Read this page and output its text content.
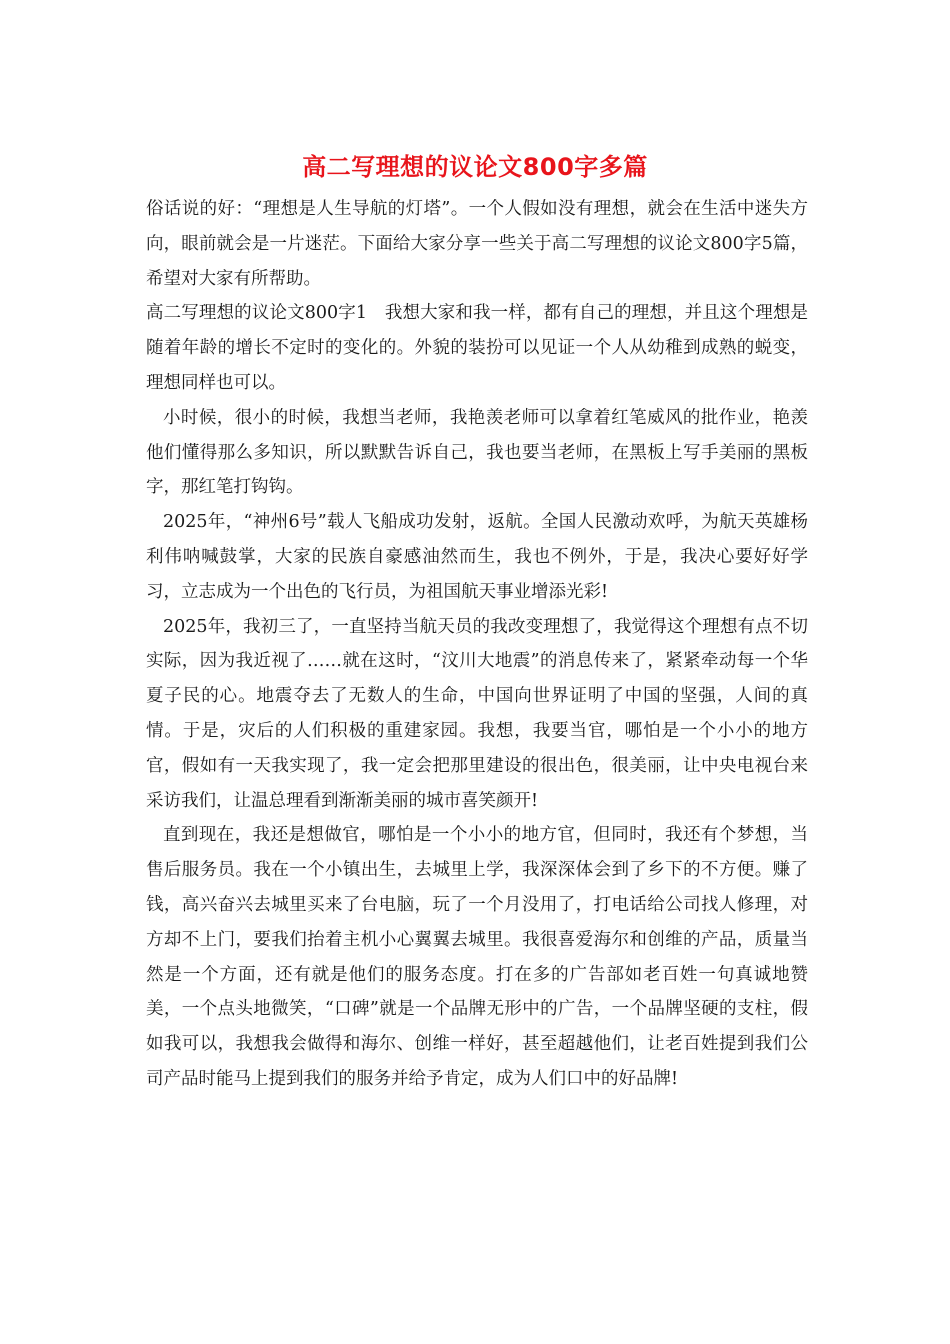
高二写理想的议论文800字多篇

俗话说的好：“理想是人生导航的灯塔”。一个人假如没有理想，就会在生活中迷失方向，眼前就会是一片迷茫。下面给大家分享一些关于高二写理想的议论文800字5篇，希望对大家有所帮助。

高二写理想的议论文800字1　我想大家和我一样，都有自己的理想，并且这个理想是随着年龄的增长不定时的变化的。外貌的装扮可以见证一个人从幼稚到成熟的蜕变，理想同样也可以。

小时候，很小的时候，我想当老师，我艳羡老师可以拿着红笔威风的批作业，艳羡他们懂得那么多知识，所以默默告诉自己，我也要当老师，在黑板上写手美丽的黑板字，那红笔打钩钩。

2025年，“神州6号”载人飞船成功发射，返航。全国人民激动欢呼，为航天英雄杨利伟呐喊鼓掌，大家的民族自豪感油然而生，我也不例外，于是，我决心要好好学习，立志成为一个出色的飞行员，为祖国航天事业增添光彩!

2025年，我初三了，一直坚持当航天员的我改变理想了，我觉得这个理想有点不切实际，因为我近视了……就在这时，“汶川大地震”的消息传来了，紧紧牵动每一个华夏子民的心。地震夺去了无数人的生命，中国向世界证明了中国的坚强，人间的真情。于是，灾后的人们积极的重建家园。我想，我要当官，哪怕是一个小小的地方官，假如有一天我实现了，我一定会把那里建设的很出色，很美丽，让中央电视台来采访我们，让温总理看到渐渐美丽的城市喜笑颜开!

直到现在，我还是想做官，哪怕是一个小小的地方官，但同时，我还有个梦想，当售后服务员。我在一个小镇出生，去城里上学，我深深体会到了乡下的不方便。赚了钱，高兴奋兴去城里买来了台电脑，玩了一个月没用了，打电话给公司找人修理，对方却不上门，要我们抬着主机小心翼翼去城里。我很喜爱海尔和创维的产品，质量当然是一个方面，还有就是他们的服务态度。打在多的广告部如老百姓一句真诚地赞美，一个点头地微笑，“口碑”就是一个品牌无形中的广告，一个品牌坚硬的支柱，假如我可以，我想我会做得和海尔、创维一样好，甚至超越他们，让老百姓提到我们公司产品时能马上提到我们的服务并给予肯定，成为人们口中的好品牌!
